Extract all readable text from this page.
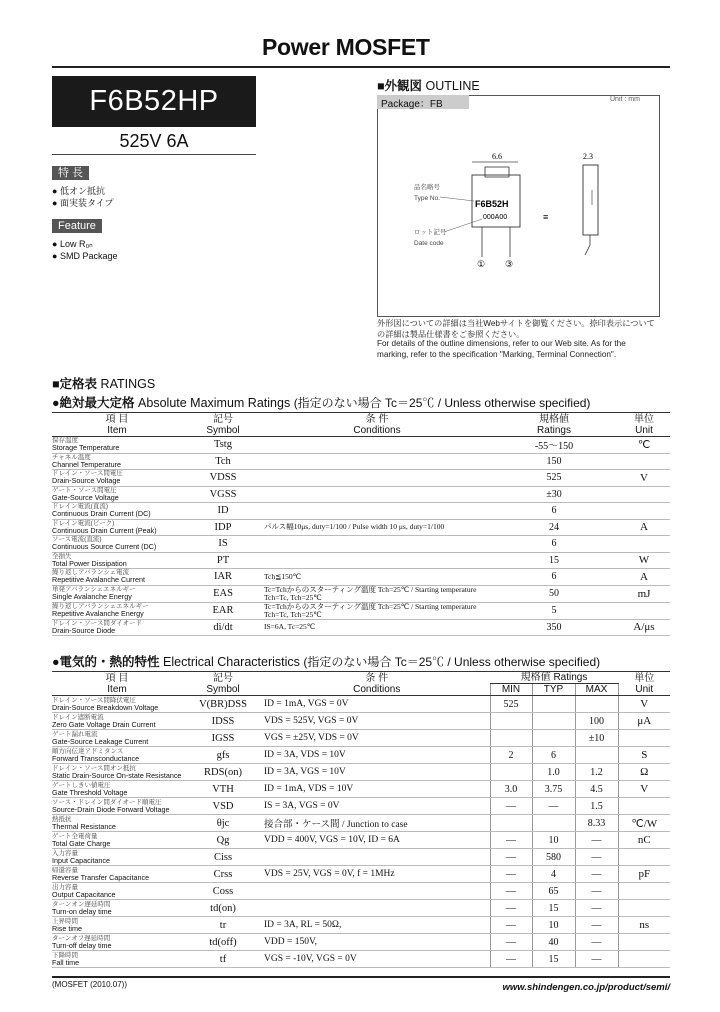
Power MOSFET
F6B52HP
525V 6A
特 長
● 低オン抵抗
● 面実装タイプ
Feature
● Low R₀ₙ
● SMD Package
■外観図 OUTLINE
Package：FB	Unit : mm
6.6
F6B52H
000A00
① ③
品名略号
Type No.
ロット記号
Date code
≡
2.3
外形図についての詳細は当社Webサイトを御覧ください。捺印表示についての詳細は製品仕様書をご参照ください。
For details of the outline dimensions, refer to our Web site. As for the marking, refer to the specification "Marking, Terminal Connection".
■定格表 RATINGS
●絶対最大定格 Absolute Maximum Ratings (指定のない場合 Tc＝25℃ / Unless otherwise specified)
項 目
Item	記号
Symbol	条 件
Conditions	規格値
Ratings	単位
Unit

保存温度
Storage Temperature	Tstg		-55～150	℃

チャネル温度
Channel Temperature	Tch		150	

ドレイン・ソース間電圧
Drain-Source Voltage	VDSS		525	V

ゲート・ソース間電圧
Gate-Source Voltage	VGSS		±30	

ドレイン電流(直流)
Continuous Drain Current (DC)	ID		6	

ドレイン電流(ピーク)
Continuous Drain Current (Peak)	IDP	パルス幅10μs, duty=1/100 / Pulse width 10 μs, duty=1/100	24	A

ソース電流(直流)
Continuous Source Current (DC)	IS		6	

全損失
Total Power Dissipation	PT		15	W

繰り返しアバランシェ電流
Repetitive Avalanche Current	IAR	Tch≦150℃	6	A

単発アバランシェエネルギー
Single Avalanche Energy	EAS	Tc=Tchからのスターティング温度 Tch=25℃ / Starting temperature Tch=Tc, Tch=25℃	50	mJ

繰り返しアバランシェエネルギー
Repetitive Avalanche Energy	EAR	Tc=Tchからのスターティング温度 Tch=25℃ / Starting temperature Tch=Tc, Tch=25℃	5	

ドレイン・ソース間ダイオード
Drain-Source Diode	di/dt	IS=6A, Tc=25℃	350	A/μs
●電気的・熱的特性 Electrical Characteristics (指定のない場合 Tc＝25℃ / Unless otherwise specified)
項 目
Item	記号
Symbol	条 件
Conditions	規格値 Ratings			単位
Unit
			MIN	TYP	MAX	

ドレイン・ソース間降伏電圧
Drain-Source Breakdown Voltage	V(BR)DSS	ID = 1mA, VGS = 0V	525			V

ドレイン遮断電流
Zero Gate Voltage Drain Current	IDSS	VDS = 525V, VGS = 0V			100	μA

ゲート漏れ電流
Gate-Source Leakage Current	IGSS	VGS = ±25V, VDS = 0V			±10	

順方向伝達アドミタンス
Forward Transconductance	gfs	ID = 3A, VDS = 10V	2	6		S

ドレイン・ソース間オン抵抗
Static Drain-Source On-state Resistance	RDS(on)	ID = 3A, VGS = 10V		1.0	1.2	Ω

ゲートしきい値電圧
Gate Threshold Voltage	VTH	ID = 1mA, VDS = 10V	3.0	3.75	4.5	V

ソース・ドレイン間ダイオード順電圧
Source-Drain Diode Forward Voltage	VSD	IS = 3A, VGS = 0V	—	—	1.5	

熱抵抗
Thermal Resistance	θjc	接合部・ケース間 / Junction to case			8.33	℃/W

ゲート全電荷量
Total Gate Charge	Qg	VDD = 400V, VGS = 10V, ID = 6A	—	10	—	nC

入力容量
Input Capacitance	Ciss		—	580	—	

帰還容量
Reverse Transfer Capacitance	Crss	VDS = 25V, VGS = 0V, f = 1MHz	—	4	—	pF

出力容量
Output Capacitance	Coss		—	65	—	

ターンオン遅延時間
Turn-on delay time	td(on)		—	15	—	

上昇時間
Rise time	tr	ID = 3A, RL = 50Ω,	—	10	—	ns

ターンオフ遅延時間
Turn-off delay time	td(off)	VDD = 150V,	—	40	—	

下降時間
Fall time	tf	VGS = -10V, VGS = 0V	—	15	—	
(MOSFET (2010.07))	www.shindengen.co.jp/product/semi/
